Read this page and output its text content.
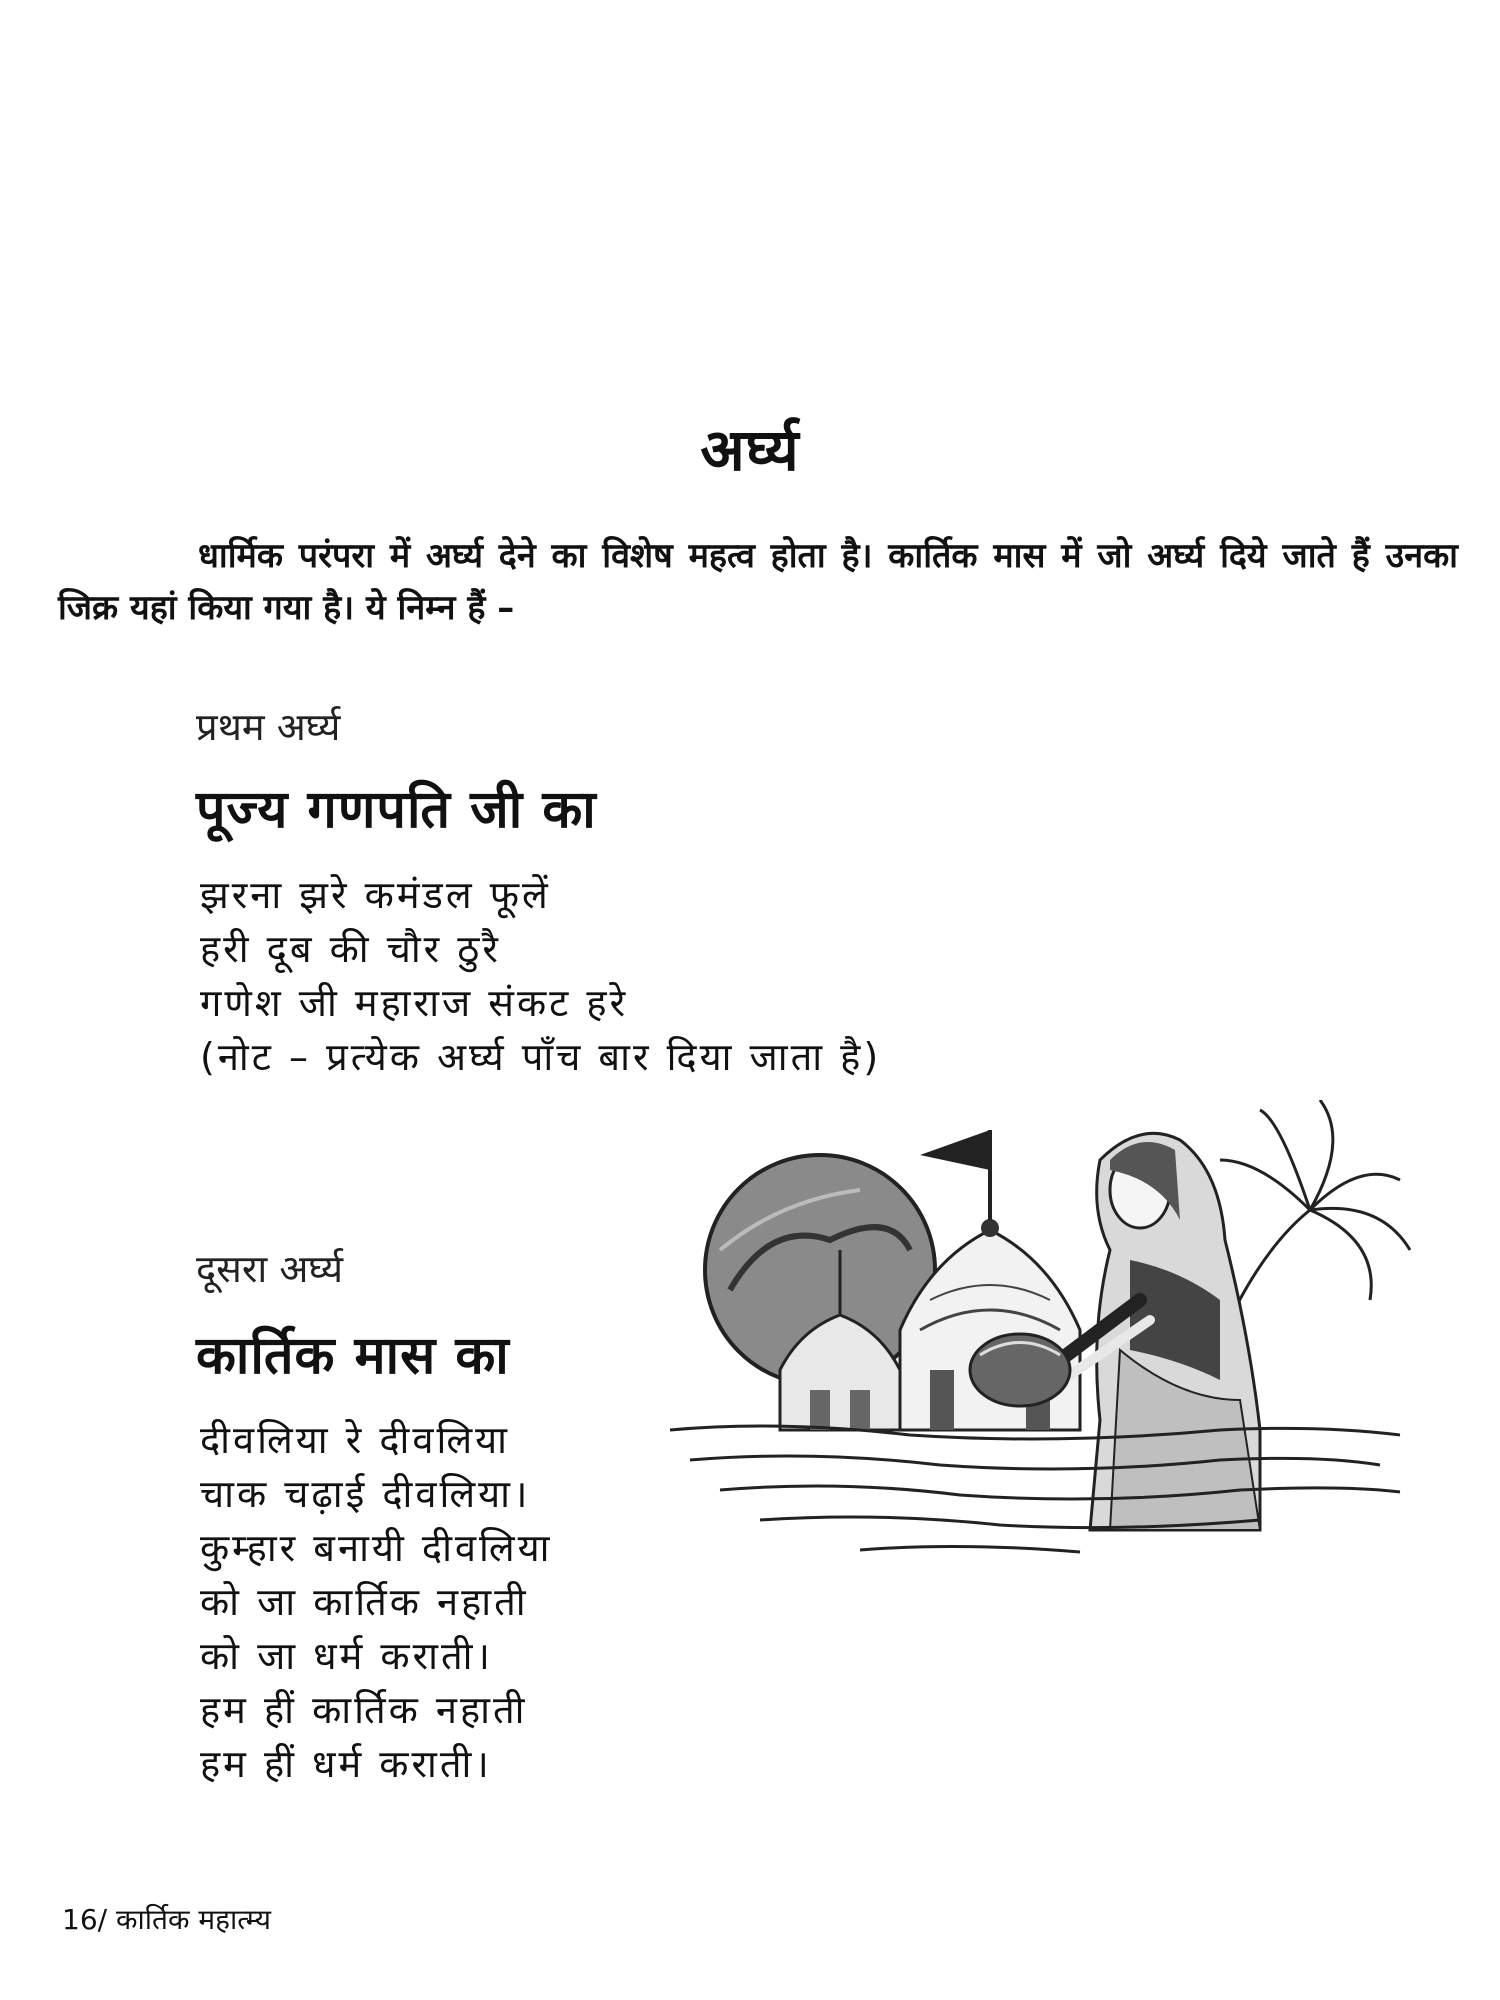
अर्घ्य
धार्मिक परंपरा में अर्घ्य देने का विशेष महत्व होता है। कार्तिक मास में जो अर्घ्य दिये जाते हैं उनका जिक्र यहां किया गया है। ये निम्न हैं –
प्रथम अर्घ्य
पूज्य गणपति जी का
झरना झरे कमंडल फूलें
हरी दूब की चौर ठुरै
गणेश जी महाराज संकट हरे
(नोट – प्रत्येक अर्घ्य पाँच बार दिया जाता है)
दूसरा अर्घ्य
कार्तिक मास का
दीवलिया रे दीवलिया
चाक चढ़ाई दीवलिया।
कुम्हार बनायी दीवलिया
को जा कार्तिक नहाती
को जा धर्म कराती।
हम हीं कार्तिक नहाती
हम हीं धर्म कराती।
16/ कार्तिक महात्म्य
